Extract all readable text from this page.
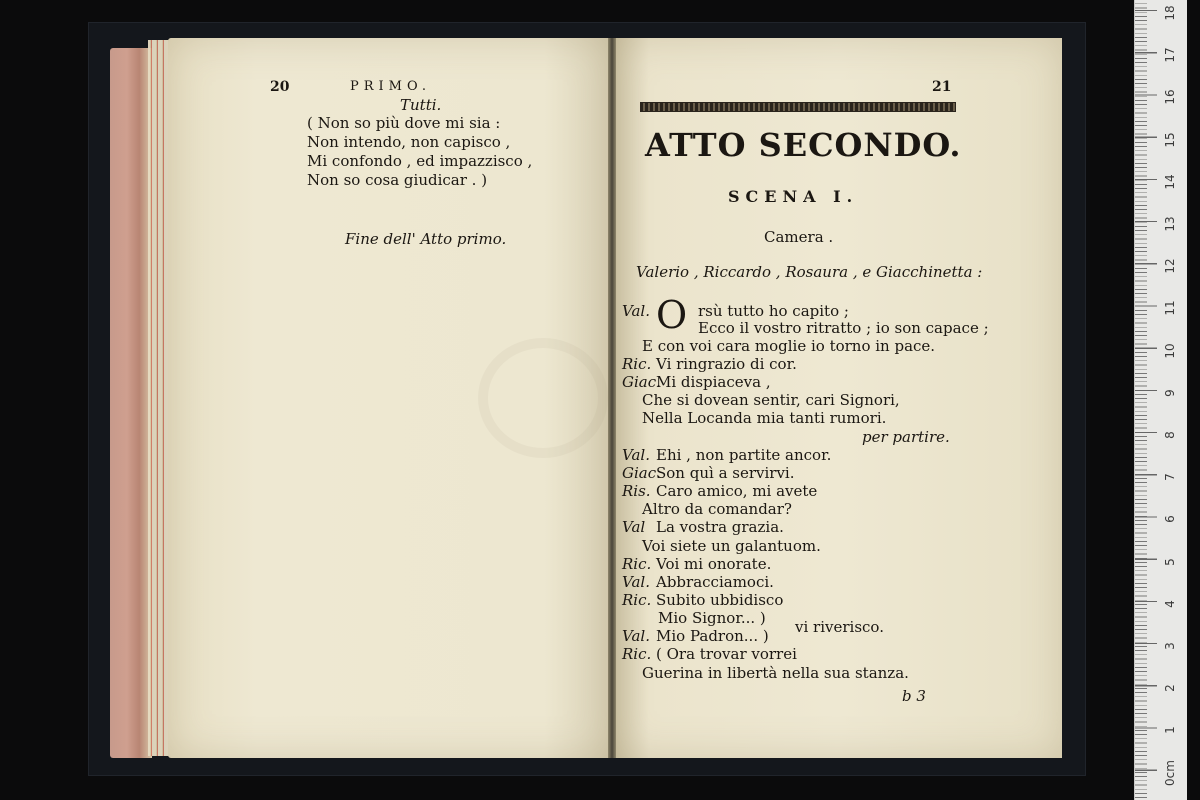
20	PRIMO.
Tutti.
( Non so più dove mi sia :
Non intendo, non capisco ,
Mi confondo , ed impazzisco ,
Non so cosa giudicar . )
Fine dell' Atto primo.
21
ATTO SECONDO.
SCENA I.
Camera .
Valerio , Riccardo , Rosaura , e Giacchinetta :
O
Val.	rsù tutto ho capito ;
Ecco il vostro ritratto ; io son capace ;
E con voi cara moglie io torno in pace.
Ric. Vi ringrazio di cor.
Giac.Mi dispiaceva ,
Che si dovean sentir, cari Signori,
Nella Locanda mia tanti rumori.
per partire.
Val. Ehi , non partite ancor.
Giac.Son quì a servirvi.
Ris. Caro amico, mi avete
Altro da comandar?
Val La vostra grazia.
Voi siete un galantuom.
Ric. Voi mi onorate.
Val. Abbracciamoci.
Ric. Subito ubbidisco
Mio Signor... )
Val. Mio Padron... ) vi riverisco.
Ric. ( Ora trovar vorrei
Guerina in libertà nella sua stanza.
b 3
18
17
16
15
14
13
12
11
10
9
8
7
6
5
4
3
2
1
0cm
